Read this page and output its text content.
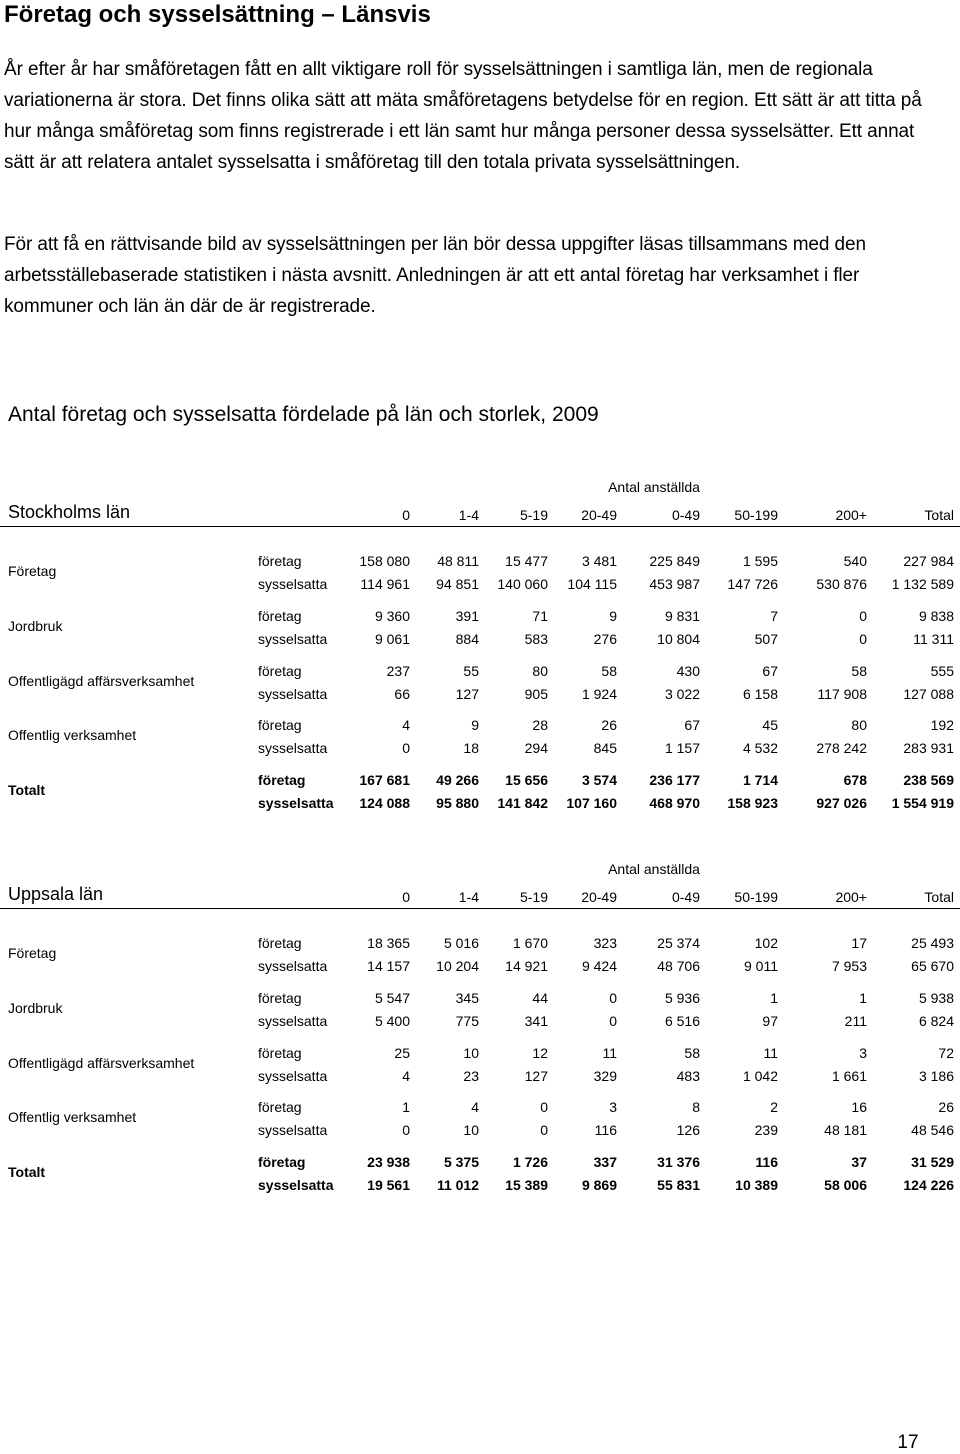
Företag och sysselsättning – Länsvis

År efter år har småföretagen fått en allt viktigare roll för sysselsättningen i samtliga län, men de regionala variationerna är stora. Det finns olika sätt att mäta småföretagens betydelse för en region. Ett sätt är att titta på hur många småföretag som finns registrerade i ett län samt hur många personer dessa sysselsätter. Ett annat sätt är att relatera antalet sysselsatta i småföretag till den totala privata sysselsättningen.

För att få en rättvisande bild av sysselsättningen per län bör dessa uppgifter läsas tillsammans med den arbetsställebaserade statistiken i nästa avsnitt. Anledningen är att ett antal företag har verksamhet i fler kommuner och län än där de är registrerade.

Antal företag och sysselsatta fördelade på län och storlek, 2009
Antal anställda
Stockholms län	0	1-4	5-19	20-49	0-49	50-199	200+	Total
Företag
företag	158 080	48 811	15 477	3 481	225 849	1 595	540	227 984
sysselsatta	114 961	94 851	140 060	104 115	453 987	147 726	530 876	1 132 589
Jordbruk
företag	9 360	391	71	9	9 831	7	0	9 838
sysselsatta	9 061	884	583	276	10 804	507	0	11 311
Offentligägd affärsverksamhet
företag	237	55	80	58	430	67	58	555
sysselsatta	66	127	905	1 924	3 022	6 158	117 908	127 088
Offentlig verksamhet
företag	4	9	28	26	67	45	80	192
sysselsatta	0	18	294	845	1 157	4 532	278 242	283 931
Totalt
företag	167 681	49 266	15 656	3 574	236 177	1 714	678	238 569
sysselsatta	124 088	95 880	141 842	107 160	468 970	158 923	927 026	1 554 919
Antal anställda
Uppsala län	0	1-4	5-19	20-49	0-49	50-199	200+	Total
Företag
företag	18 365	5 016	1 670	323	25 374	102	17	25 493
sysselsatta	14 157	10 204	14 921	9 424	48 706	9 011	7 953	65 670
Jordbruk
företag	5 547	345	44	0	5 936	1	1	5 938
sysselsatta	5 400	775	341	0	6 516	97	211	6 824
Offentligägd affärsverksamhet
företag	25	10	12	11	58	11	3	72
sysselsatta	4	23	127	329	483	1 042	1 661	3 186
Offentlig verksamhet
företag	1	4	0	3	8	2	16	26
sysselsatta	0	10	0	116	126	239	48 181	48 546
Totalt
företag	23 938	5 375	1 726	337	31 376	116	37	31 529
sysselsatta	19 561	11 012	15 389	9 869	55 831	10 389	58 006	124 226
17
